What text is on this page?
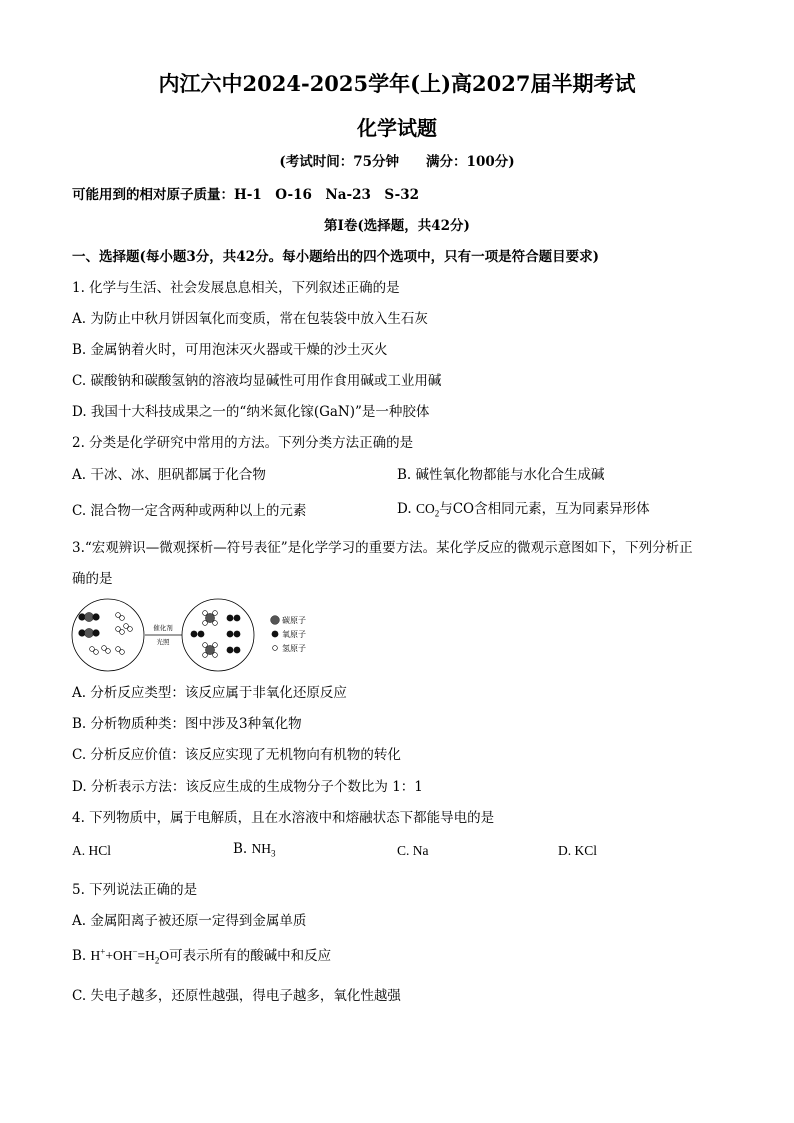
内江六中2024-2025学年(上)高2027届半期考试
化学试题
(考试时间：75分钟　　满分：100分)
可能用到的相对原子质量：H-1　O-16　Na-23　S-32
第Ⅰ卷(选择题，共42分)
一、选择题(每小题3分，共42分。每小题给出的四个选项中，只有一项是符合题目要求)
1. 化学与生活、社会发展息息相关，下列叙述正确的是
A. 为防止中秋月饼因氧化而变质，常在包装袋中放入生石灰
B. 金属钠着火时，可用泡沫灭火器或干燥的沙土灭火
C. 碳酸钠和碳酸氢钠的溶液均显碱性可用作食用碱或工业用碱
D. 我国十大科技成果之一的“纳米氮化镓(GaN)”是一种胶体
2. 分类是化学研究中常用的方法。下列分类方法正确的是
A. 干冰、冰、胆矾都属于化合物	B. 碱性氧化物都能与水化合生成碱
C. 混合物一定含两种或两种以上的元素	D. $CO_2$与CO含相同元素，互为同素异形体
3.“宏观辨识—微观探析—符号表征”是化学学习的重要方法。某化学反应的微观示意图如下，下列分析正
确的是
催化剂
光照
碳原子
氧原子
氢原子
A. 分析反应类型：该反应属于非氧化还原反应
B. 分析物质种类：图中涉及3种氧化物
C. 分析反应价值：该反应实现了无机物向有机物的转化
D. 分析表示方法：该反应生成的生成物分子个数比为 1：1
4. 下列物质中，属于电解质，且在水溶液中和熔融状态下都能导电的是
A. HCl	B. $NH_3$	C. Na	D. KCl
5. 下列说法正确的是
A. 金属阳离子被还原一定得到金属单质
B. $H^++OH^-=H_2O$可表示所有的酸碱中和反应
C. 失电子越多，还原性越强，得电子越多，氧化性越强
